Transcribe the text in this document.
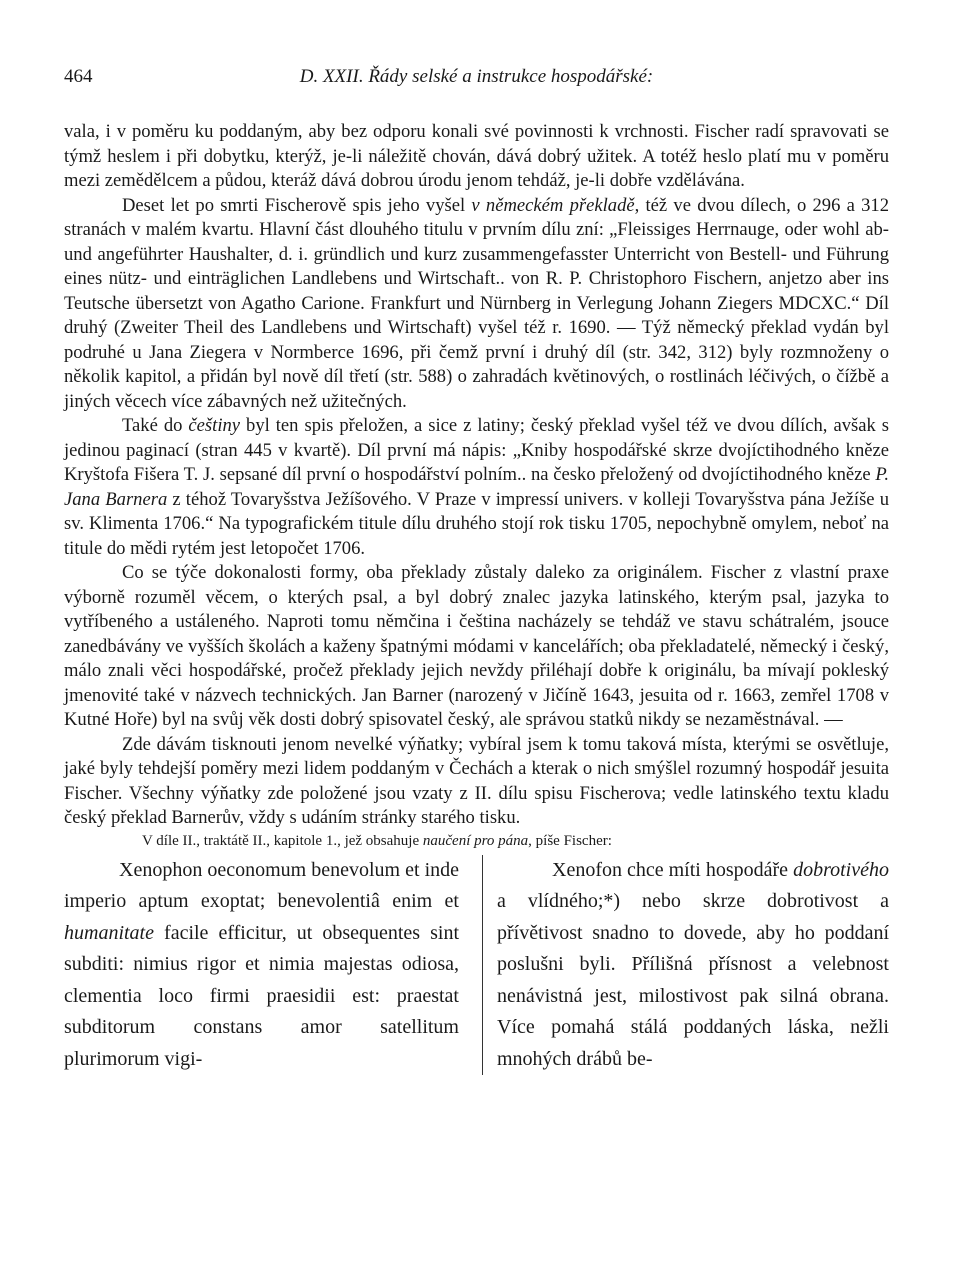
464	D. XXII. Řády selské a instrukce hospodářské:

vala, i v poměru ku poddaným, aby bez odporu konali své povinnosti k vrchnosti. Fischer radí spravovati se týmž heslem i při dobytku, kterýž, je-li náležitě chován, dává dobrý užitek. A totéž heslo platí mu v poměru mezi zemědělcem a půdou, kteráž dává dobrou úrodu jenom tehdáž, je-li dobře vzdělávána.

Deset let po smrti Fischerově spis jeho vyšel v německém překladě, též ve dvou dílech, o 296 a 312 stranách v malém kvartu. Hlavní část dlouhého titulu v prvním dílu zní: „Fleissiges Herrnauge, oder wohl ab- und angeführter Haushalter, d. i. gründlich und kurz zusammengefasster Unterricht von Bestell- und Führung eines nütz- und einträglichen Landlebens und Wirtschaft.. von R. P. Christophoro Fischern, anjetzo aber ins Teutsche übersetzt von Agatho Carione. Frankfurt und Nürnberg in Verlegung Johann Ziegers MDCXC.“ Díl druhý (Zweiter Theil des Landlebens und Wirtschaft) vyšel též r. 1690. — Týž německý překlad vydán byl podruhé u Jana Ziegera v Normberce 1696, při čemž první i druhý díl (str. 342, 312) byly rozmnoženy o několik kapitol, a přidán byl nově díl třetí (str. 588) o zahradách květinových, o rostlinách léčivých, o čížbě a jiných věcech více zábavných než užitečných.

Také do češtiny byl ten spis přeložen, a sice z latiny; český překlad vyšel též ve dvou dílích, avšak s jedinou paginací (stran 445 v kvartě). Díl první má nápis: „Kniby hospodářské skrze dvojíctihodného kněze Kryštofa Fišera T. J. sepsané díl první o hospodářství polním.. na česko přeložený od dvojíctihodného kněze P. Jana Barnera z téhož Tovaryšstva Ježíšového. V Praze v impressí univers. v kolleji Tovaryšstva pána Ježíše u sv. Klimenta 1706.“ Na typografickém titule dílu druhého stojí rok tisku 1705, nepochybně omylem, neboť na titule do mědi rytém jest letopočet 1706.

Co se týče dokonalosti formy, oba překlady zůstaly daleko za originálem. Fischer z vlastní praxe výborně rozuměl věcem, o kterých psal, a byl dobrý znalec jazyka latinského, kterým psal, jazyka to vytříbeného a ustáleného. Naproti tomu němčina i čeština nacházely se tehdáž ve stavu schátralém, jsouce zanedbávány ve vyšších školách a kaženy špatnými módami v kancelářích; oba překladatelé, německý i český, málo znali věci hospodářské, pročež překlady jejich nevždy přiléhají dobře k originálu, ba mívají pokleský jmenovité také v názvech technických. Jan Barner (narozený v Jičíně 1643, jesuita od r. 1663, zemřel 1708 v Kutné Hoře) byl na svůj věk dosti dobrý spisovatel český, ale správou statků nikdy se nezaměstnával. —

Zde dávám tisknouti jenom nevelké výňatky; vybíral jsem k tomu taková místa, kterými se osvětluje, jaké byly tehdejší poměry mezi lidem poddaným v Čechách a kterak o nich smýšlel rozumný hospodář jesuita Fischer. Všechny výňatky zde položené jsou vzaty z II. dílu spisu Fischerova; vedle latinského textu kladu český překlad Barnerův, vždy s udáním stránky starého tisku.

V díle II., traktátě II., kapitole 1., jež obsahuje naučení pro pána, píše Fischer:

Xenophon oeconomum benevolum et inde imperio aptum exoptat; benevolentiâ enim et humanitate facile efficitur, ut obsequentes sint subditi: nimius rigor et nimia majestas odiosa, clementia loco firmi praesidii est: praestat subditorum constans amor satellitum plurimorum vigi-

Xenofon chce míti hospodáře dobrotivého a vlídného;*) nebo skrze dobrotivost a přívětivost snadno to dovede, aby ho poddaní poslušni byli. Přílišná přísnost a velebnost nenávistná jest, milostivost pak silná obrana. Více pomahá stálá poddaných láska, nežli mnohých drábů be-
